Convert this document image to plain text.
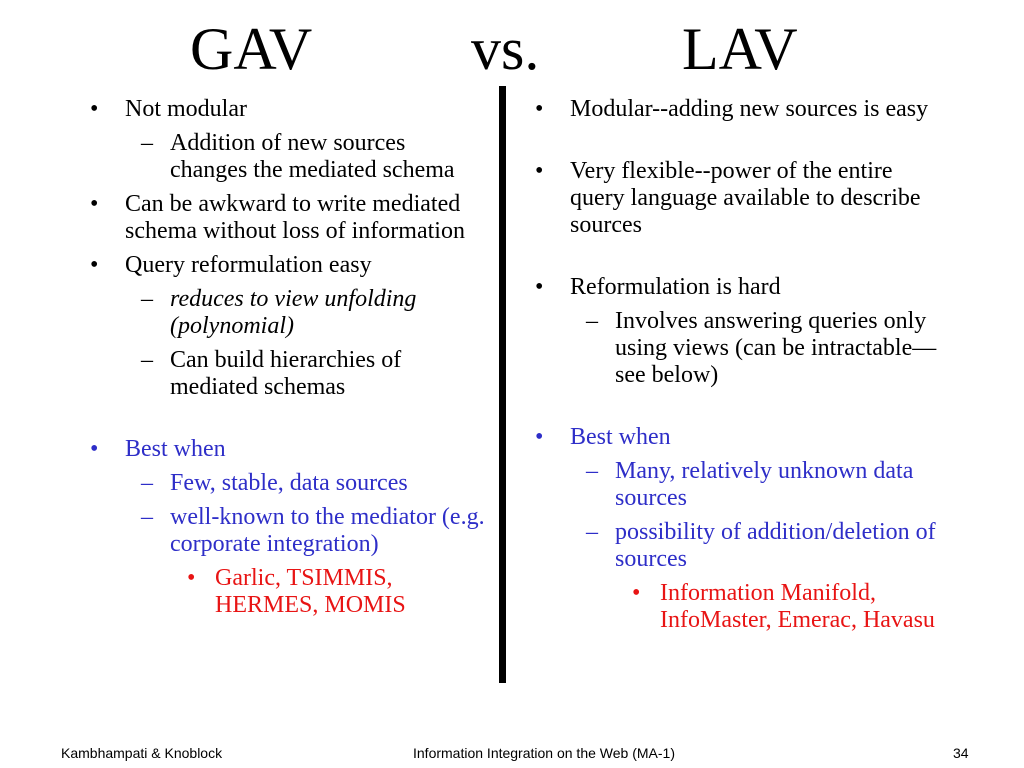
GAV	vs. LAV
• Not modular
– Addition of new sources changes the mediated schema
• Can be awkward to write mediated schema without loss of information
• Query reformulation easy
– reduces to view unfolding (polynomial)
– Can build hierarchies of mediated schemas
• Best when
– Few, stable, data sources
– well-known to the mediator (e.g. corporate integration)
• Garlic, TSIMMIS, HERMES, MOMIS
• Modular--adding new sources is easy
• Very flexible--power of the entire query language available to describe sources
• Reformulation is hard
– Involves answering queries only using views (can be intractable—see below)
• Best when
– Many, relatively unknown data sources
– possibility of addition/deletion of sources
• Information Manifold, InfoMaster, Emerac, Havasu
Kambhampati & Knoblock	Information Integration on the Web (MA-1)	34
